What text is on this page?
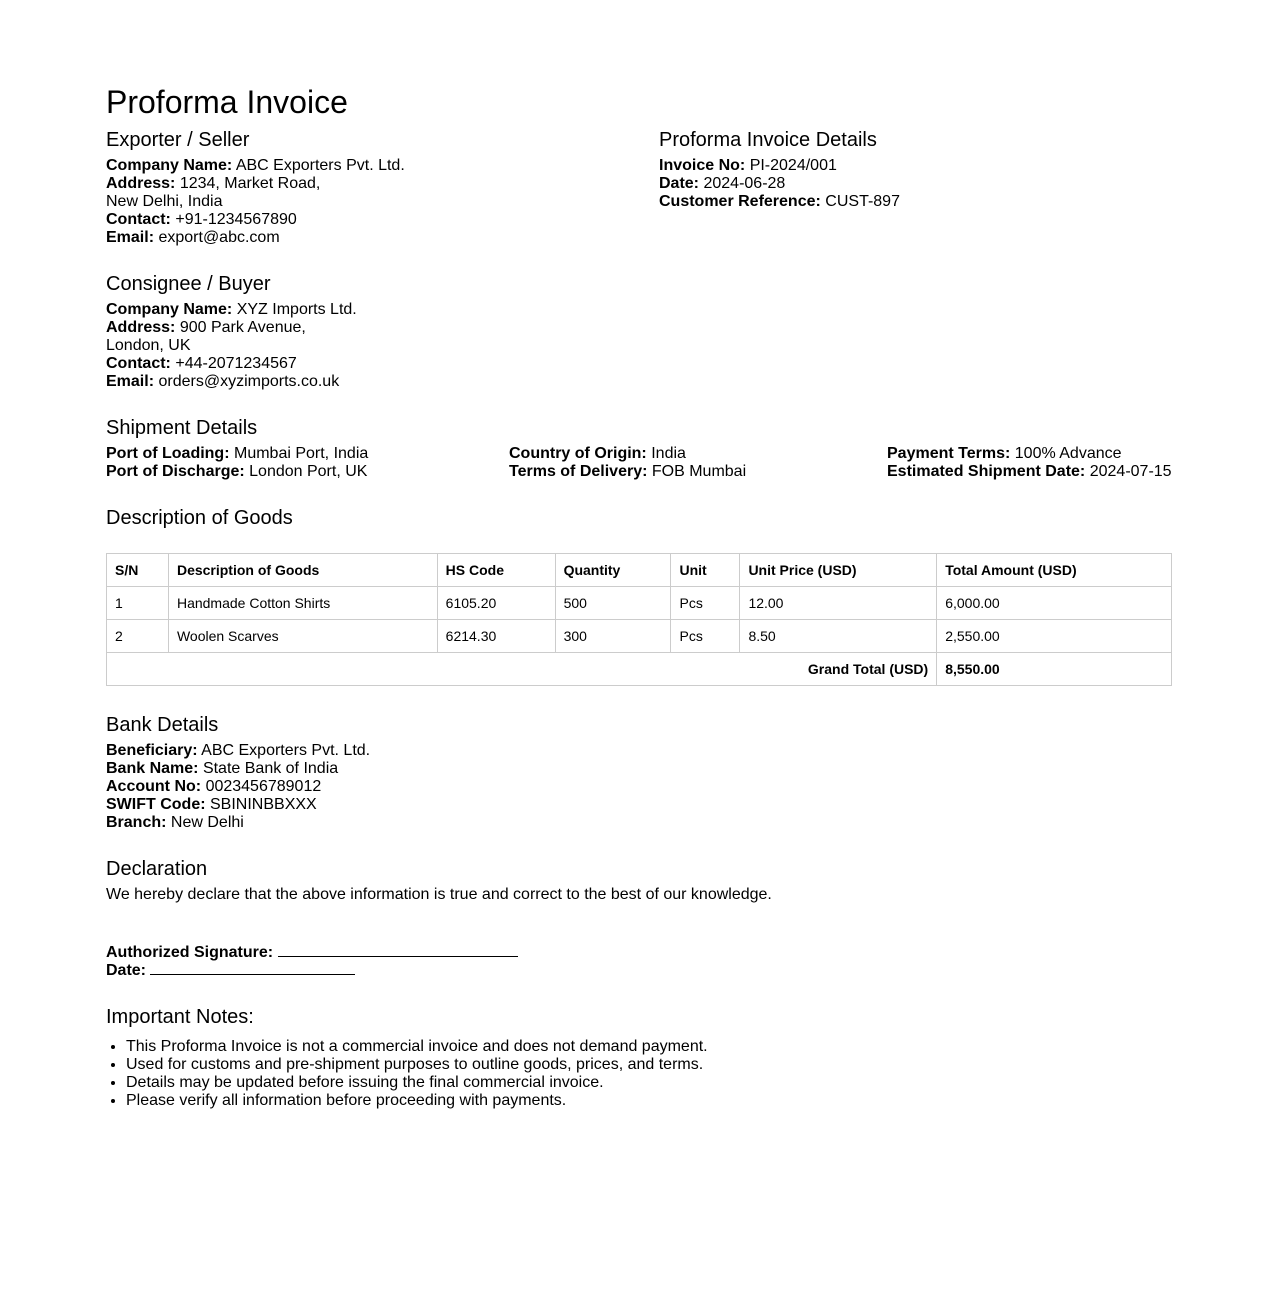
Proforma Invoice
Exporter / Seller
Company Name: ABC Exporters Pvt. Ltd.
Address: 1234, Market Road,
New Delhi, India
Contact: +91-1234567890
Email: export@abc.com
Proforma Invoice Details
Invoice No: PI-2024/001
Date: 2024-06-28
Customer Reference: CUST-897
Consignee / Buyer
Company Name: XYZ Imports Ltd.
Address: 900 Park Avenue,
London, UK
Contact: +44-2071234567
Email: orders@xyzimports.co.uk
Shipment Details
Port of Loading: Mumbai Port, India
Port of Discharge: London Port, UK
Country of Origin: India
Terms of Delivery: FOB Mumbai
Payment Terms: 100% Advance
Estimated Shipment Date: 2024-07-15
Description of Goods
S/N	Description of Goods	HS Code	Quantity	Unit	Unit Price (USD)	Total Amount (USD)
1	Handmade Cotton Shirts	6105.20	500	Pcs	12.00	6,000.00
2	Woolen Scarves	6214.30	300	Pcs	8.50	2,550.00
Grand Total (USD)						8,550.00
Bank Details
Beneficiary: ABC Exporters Pvt. Ltd.
Bank Name: State Bank of India
Account No: 0023456789012
SWIFT Code: SBININBBXXX
Branch: New Delhi
Declaration

We hereby declare that the above information is true and correct to the best of our knowledge.

Authorized Signature:
Date:
Important Notes:
• This Proforma Invoice is not a commercial invoice and does not demand payment.
• Used for customs and pre-shipment purposes to outline goods, prices, and terms.
• Details may be updated before issuing the final commercial invoice.
• Please verify all information before proceeding with payments.
